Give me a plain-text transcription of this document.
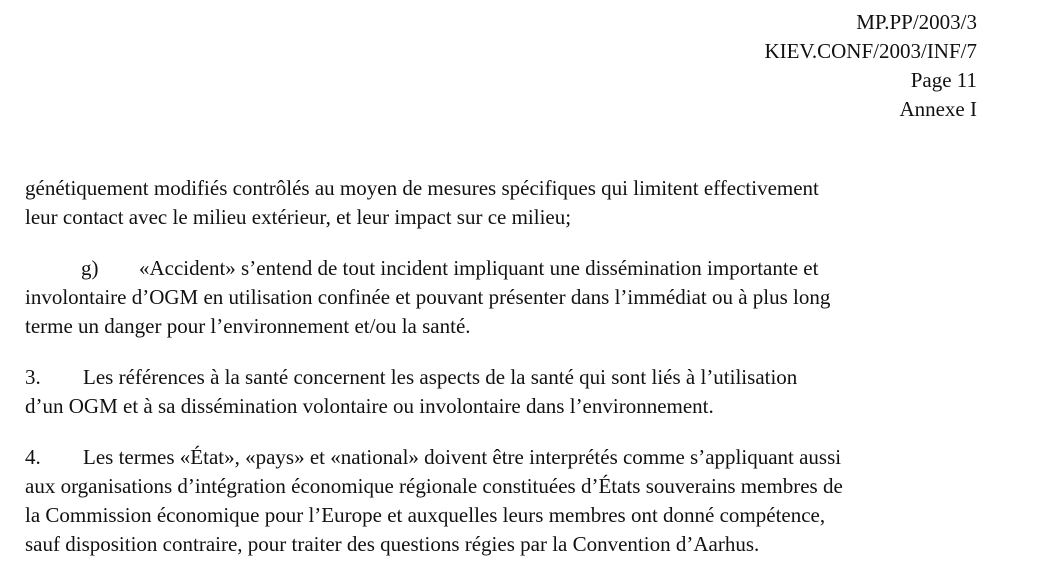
MP.PP/2003/3
KIEV.CONF/2003/INF/7
Page 11
Annexe I

génétiquement modifiés contrôlés au moyen de mesures spécifiques qui limitent effectivement
leur contact avec le milieu extérieur, et leur impact sur ce milieu;

g) «Accident» s’entend de tout incident impliquant une dissémination importante et
involontaire d’OGM en utilisation confinée et pouvant présenter dans l’immédiat ou à plus long
terme un danger pour l’environnement et/ou la santé.

3. Les références à la santé concernent les aspects de la santé qui sont liés à l’utilisation
d’un OGM et à sa dissémination volontaire ou involontaire dans l’environnement.

4. Les termes «État», «pays» et «national» doivent être interprétés comme s’appliquant aussi
aux organisations d’intégration économique régionale constituées d’États souverains membres de
la Commission économique pour l’Europe et auxquelles leurs membres ont donné compétence,
sauf disposition contraire, pour traiter des questions régies par la Convention d’Aarhus.
